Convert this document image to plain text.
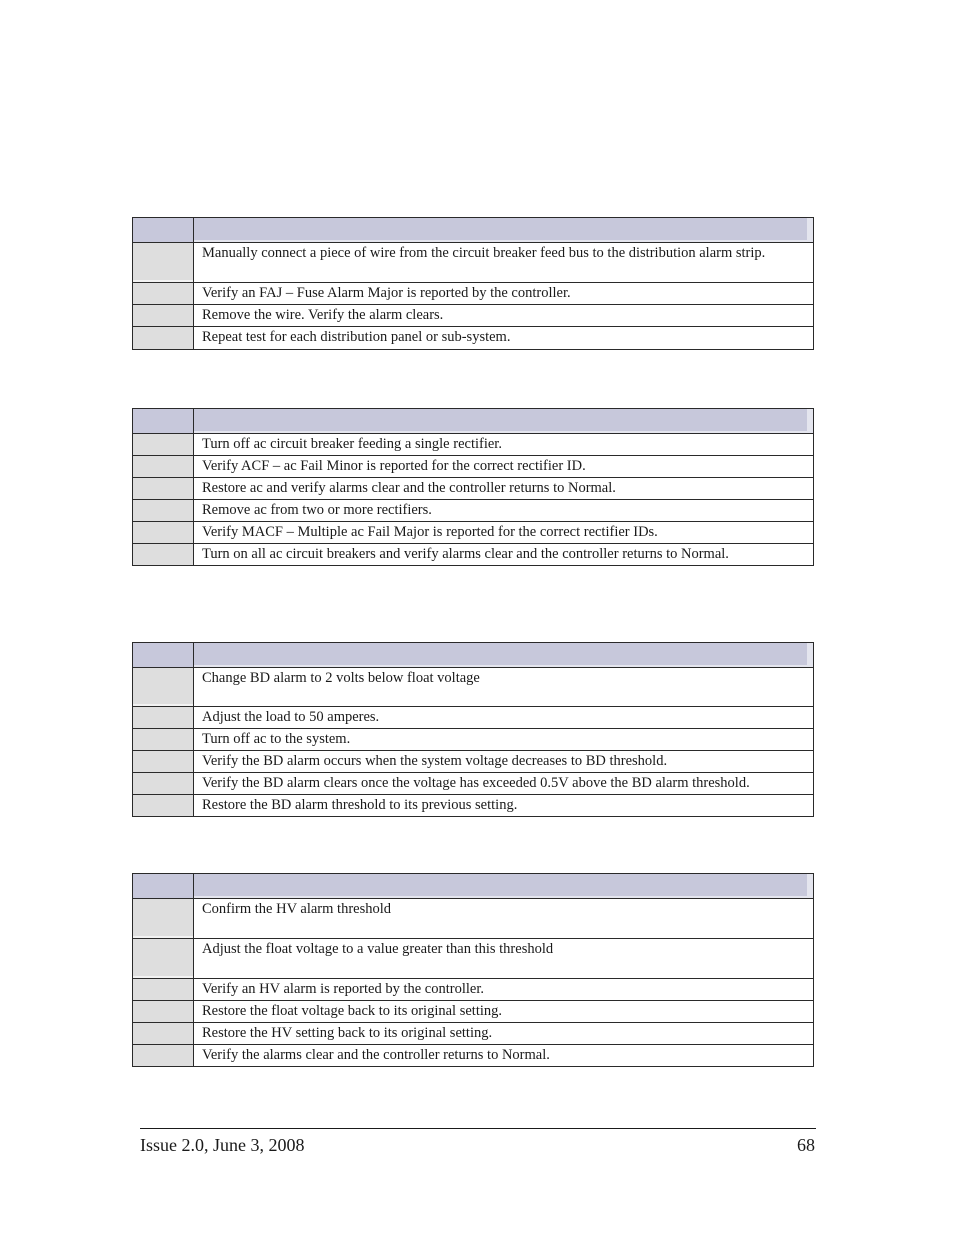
	Manually connect a piece of wire from the circuit breaker feed bus to the distribution alarm strip.
	Verify an FAJ – Fuse Alarm Major is reported by the controller.
	Remove the wire. Verify the alarm clears.
	Repeat test for each distribution panel or sub-system.

	Turn off ac circuit breaker feeding a single rectifier.
	Verify ACF – ac Fail Minor is reported for the correct rectifier ID.
	Restore ac and verify alarms clear and the controller returns to Normal.
	Remove ac from two or more rectifiers.
	Verify MACF – Multiple ac Fail Major is reported for the correct rectifier IDs.
	Turn on all ac circuit breakers and verify alarms clear and the controller returns to Normal.

	Change BD alarm to 2 volts below float voltage
	Adjust the load to 50 amperes.
	Turn off ac to the system.
	Verify the BD alarm occurs when the system voltage decreases to BD threshold.
	Verify the BD alarm clears once the voltage has exceeded 0.5V above the BD alarm threshold.
	Restore the BD alarm threshold to its previous setting.

	Confirm the HV alarm threshold
	Adjust the float voltage to a value greater than this threshold
	Verify an HV alarm is reported by the controller.
	Restore the float voltage back to its original setting.
	Restore the HV setting back to its original setting.
	Verify the alarms clear and the controller returns to Normal.
Issue 2.0, June 3, 2008	68
